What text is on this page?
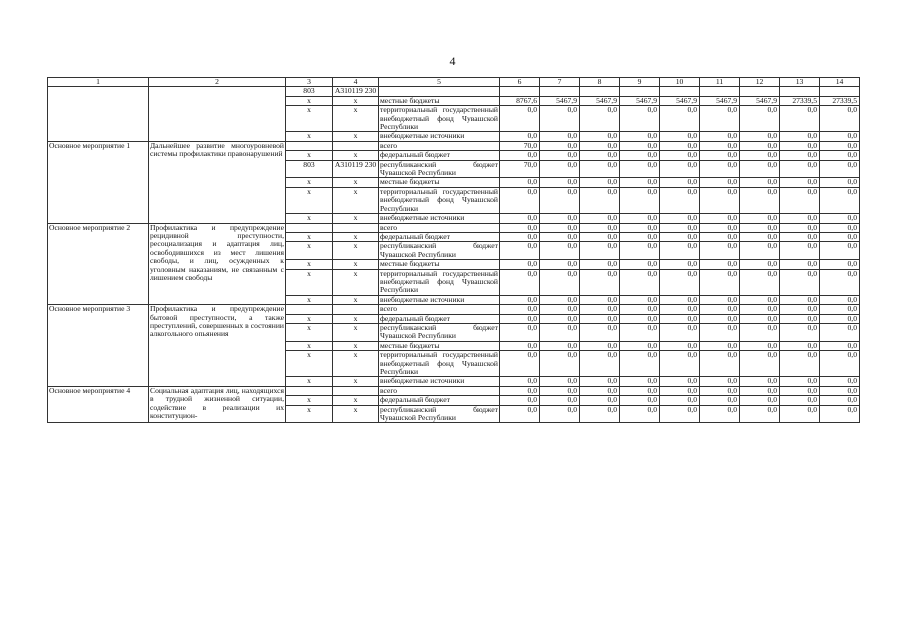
4
1	2	3	4	5	6	7	8	9	10	11	12	13	14
		803	А310119 230										
		х	х	местные бюджеты	8767,6	5467,9	5467,9	5467,9	5467,9	5467,9	5467,9	27339,5	27339,5
		х	х	территориальный государственный внебюджетный фонд Чувашской Республики	0,0	0,0	0,0	0,0	0,0	0,0	0,0	0,0	0,0
		х	х	внебюджетные источники	0,0	0,0	0,0	0,0	0,0	0,0	0,0	0,0	0,0
Основное мероприятие 1	Дальнейшее развитие многоуровневой системы профилактики правонарушений			всего	70,0	0,0	0,0	0,0	0,0	0,0	0,0	0,0	0,0
		х	х	федеральный бюджет	0,0	0,0	0,0	0,0	0,0	0,0	0,0	0,0	0,0
		803	А310119 230	республиканский бюджет Чувашской Республики	70,0	0,0	0,0	0,0	0,0	0,0	0,0	0,0	0,0
		х	х	местные бюджеты	0,0	0,0	0,0	0,0	0,0	0,0	0,0	0,0	0,0
		х	х	территориальный государственный внебюджетный фонд Чувашской Республики	0,0	0,0	0,0	0,0	0,0	0,0	0,0	0,0	0,0
		х	х	внебюджетные источники	0,0	0,0	0,0	0,0	0,0	0,0	0,0	0,0	0,0
Основное мероприятие 2	Профилактика и предупреждение рецидивной преступности, ресоциализация и адаптация лиц, освободившихся из мест лишения свободы, и лиц, осужденных к уголовным наказаниям, не связанным с лишением свободы			всего	0,0	0,0	0,0	0,0	0,0	0,0	0,0	0,0	0,0
		х	х	федеральный бюджет	0,0	0,0	0,0	0,0	0,0	0,0	0,0	0,0	0,0
		х	х	республиканский бюджет Чувашской Республики	0,0	0,0	0,0	0,0	0,0	0,0	0,0	0,0	0,0
		х	х	местные бюджеты	0,0	0,0	0,0	0,0	0,0	0,0	0,0	0,0	0,0
		х	х	территориальный государственный внебюджетный фонд Чувашской Республики	0,0	0,0	0,0	0,0	0,0	0,0	0,0	0,0	0,0
		х	х	внебюджетные источники	0,0	0,0	0,0	0,0	0,0	0,0	0,0	0,0	0,0
Основное мероприятие 3	Профилактика и предупреждение бытовой преступности, а также преступлений, совершенных в состоянии алкогольного опьянения			всего	0,0	0,0	0,0	0,0	0,0	0,0	0,0	0,0	0,0
		х	х	федеральный бюджет	0,0	0,0	0,0	0,0	0,0	0,0	0,0	0,0	0,0
		х	х	республиканский бюджет Чувашской Республики	0,0	0,0	0,0	0,0	0,0	0,0	0,0	0,0	0,0
		х	х	местные бюджеты	0,0	0,0	0,0	0,0	0,0	0,0	0,0	0,0	0,0
		х	х	территориальный государственный внебюджетный фонд Чувашской Республики	0,0	0,0	0,0	0,0	0,0	0,0	0,0	0,0	0,0
		х	х	внебюджетные источники	0,0	0,0	0,0	0,0	0,0	0,0	0,0	0,0	0,0
Основное мероприятие 4	Социальная адаптация лиц, находящихся в трудной жизненной ситуации, содействие в реализации их конституцион-			всего	0,0	0,0	0,0	0,0	0,0	0,0	0,0	0,0	0,0
		х	х	федеральный бюджет	0,0	0,0	0,0	0,0	0,0	0,0	0,0	0,0	0,0
		х	х	республиканский бюджет Чувашской Республики	0,0	0,0	0,0	0,0	0,0	0,0	0,0	0,0	0,0
